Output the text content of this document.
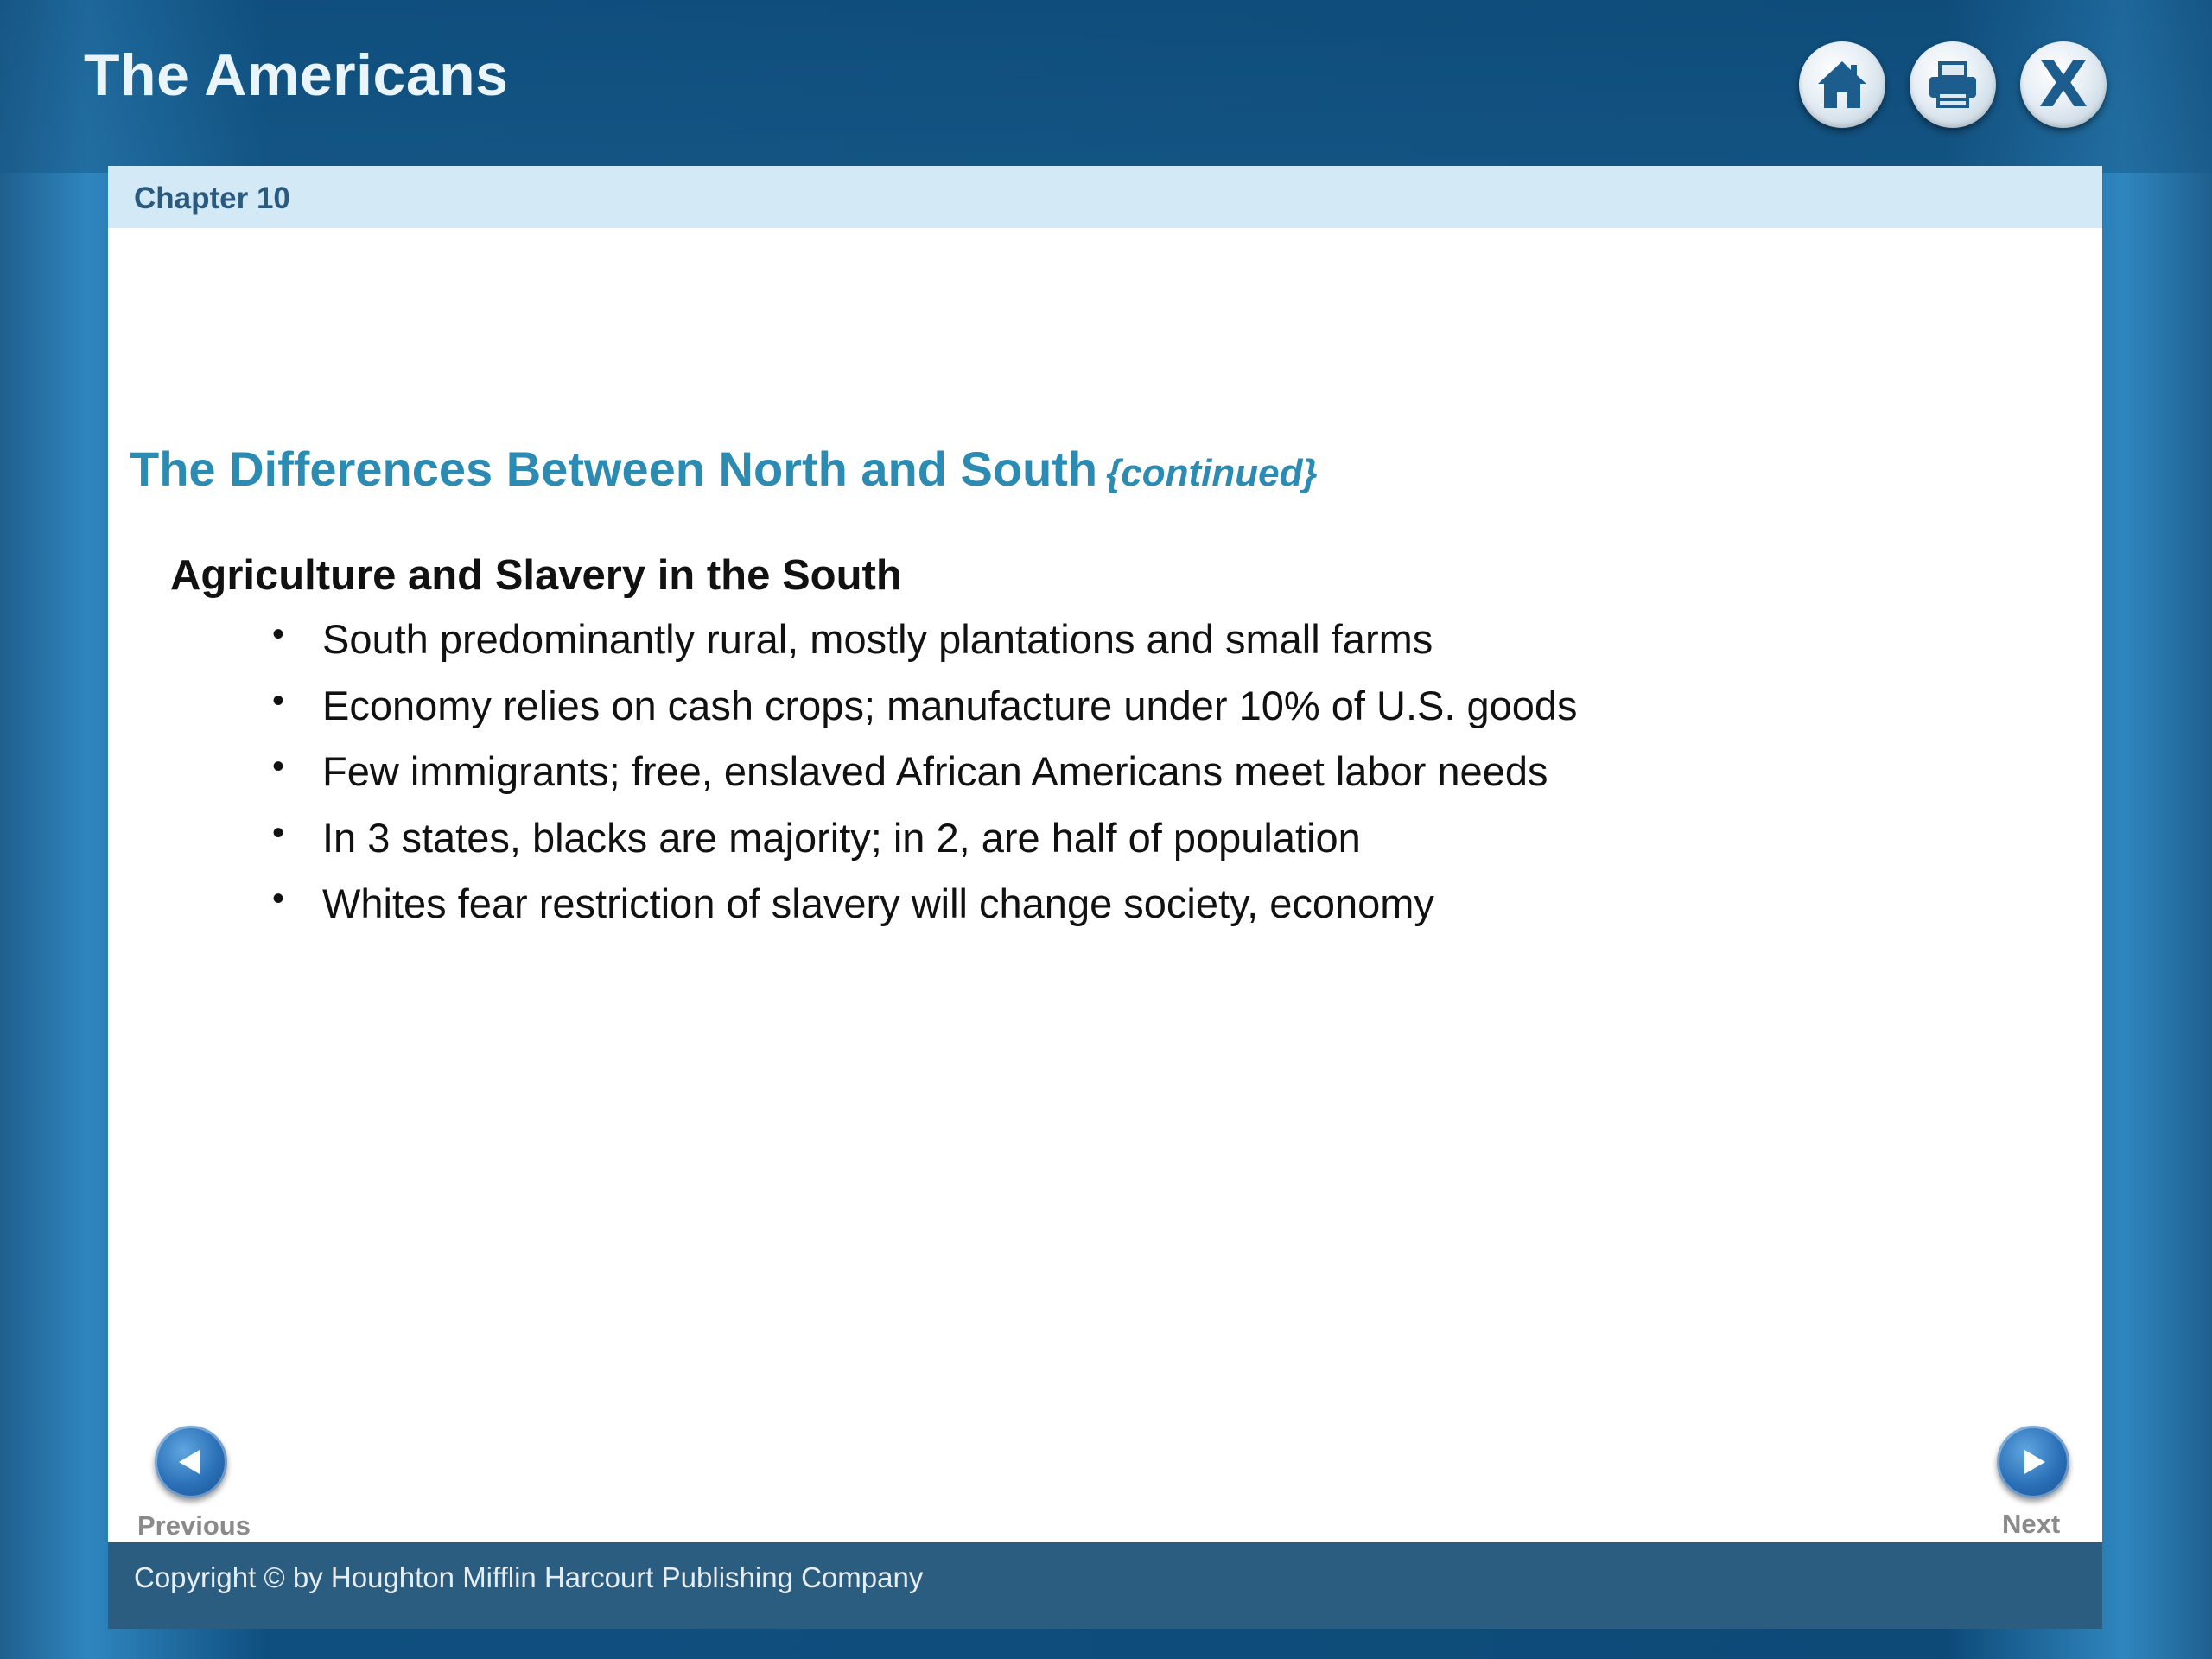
The Americans	X
Chapter 10
The Differences Between North and South {continued}
Agriculture and Slavery in the South
• South predominantly rural, mostly plantations and small farms
• Economy relies on cash crops; manufacture under 10% of U.S. goods
• Few immigrants; free, enslaved African Americans meet labor needs
• In 3 states, blacks are majority; in 2, are half of population
• Whites fear restriction of slavery will change society, economy
Previous	Next
Copyright © by Houghton Mifflin Harcourt Publishing Company
